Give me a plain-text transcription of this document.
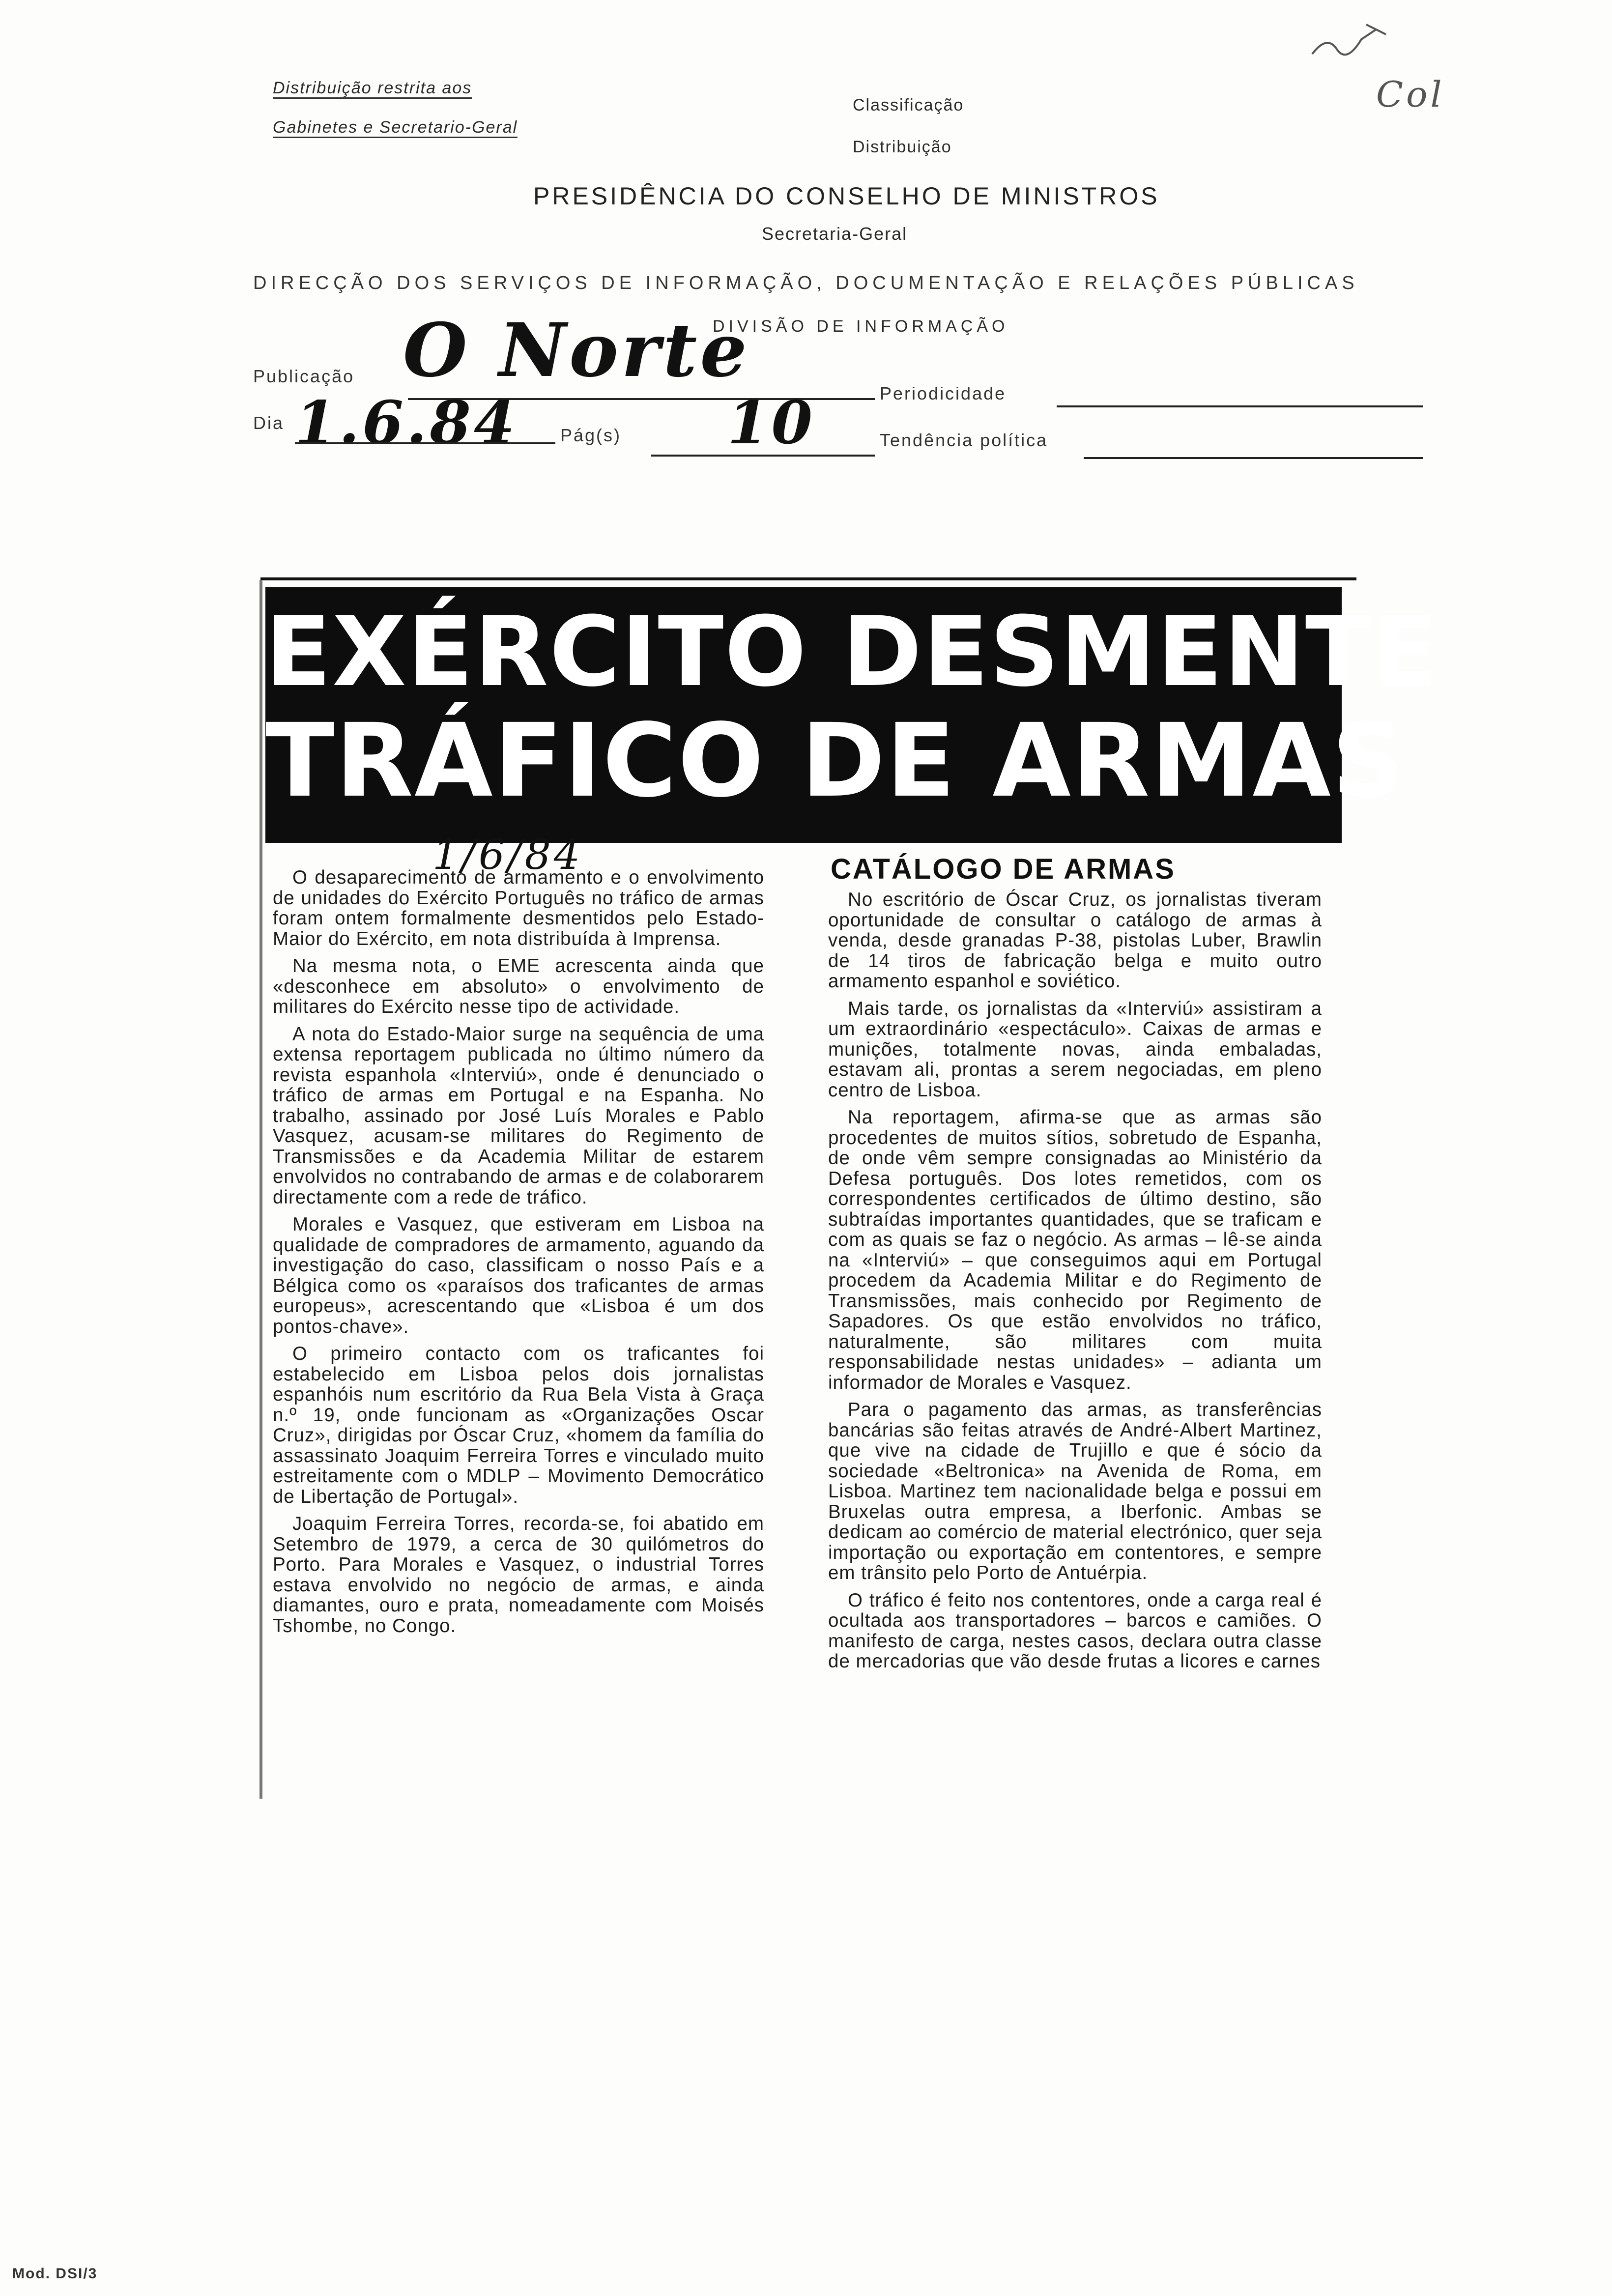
Distribuição restrita aos
Gabinetes e Secretario-Geral
Classificação
Distribuição
Col
PRESIDÊNCIA DO CONSELHO DE MINISTROS
Secretaria-Geral
DIRECÇÃO DOS SERVIÇOS DE INFORMAÇÃO, DOCUMENTAÇÃO E RELAÇÕES PÚBLICAS
DIVISÃO DE INFORMAÇÃO
Publicação O Norte
Dia 1.6.84 Pág(s) 10	Periodicidade
Tendência política
EXÉRCITO DESMENTE
TRÁFICO DE ARMAS
1/6/84

O desaparecimento de armamento e o envolvimento de unidades do Exército Português no tráfico de armas foram ontem formalmente desmentidos pelo Estado-Maior do Exército, em nota distribuída à Imprensa.

Na mesma nota, o EME acrescenta ainda que «desconhece em absoluto» o envolvimento de militares do Exército nesse tipo de actividade.

A nota do Estado-Maior surge na sequência de uma extensa reportagem publicada no último número da revista espanhola «Interviú», onde é denunciado o tráfico de armas em Portugal e na Espanha. No trabalho, assinado por José Luís Morales e Pablo Vasquez, acusam-se militares do Regimento de Transmissões e da Academia Militar de estarem envolvidos no contrabando de armas e de colaborarem directamente com a rede de tráfico.

Morales e Vasquez, que estiveram em Lisboa na qualidade de compradores de armamento, aguando da investigação do caso, classificam o nosso País e a Bélgica como os «paraísos dos traficantes de armas europeus», acrescentando que «Lisboa é um dos pontos-chave».

O primeiro contacto com os traficantes foi estabelecido em Lisboa pelos dois jornalistas espanhóis num escritório da Rua Bela Vista à Graça n.º 19, onde funcionam as «Organizações Oscar Cruz», dirigidas por Óscar Cruz, «homem da família do assassinato Joaquim Ferreira Torres e vinculado muito estreitamente com o MDLP – Movimento Democrático de Libertação de Portugal».

Joaquim Ferreira Torres, recorda-se, foi abatido em Setembro de 1979, a cerca de 30 quilómetros do Porto. Para Morales e Vasquez, o industrial Torres estava envolvido no negócio de armas, e ainda diamantes, ouro e prata, nomeadamente com Moisés Tshombe, no Congo.

CATÁLOGO DE ARMAS

No escritório de Óscar Cruz, os jornalistas tiveram oportunidade de consultar o catálogo de armas à venda, desde granadas P-38, pistolas Luber, Brawlin de 14 tiros de fabricação belga e muito outro armamento espanhol e soviético.

Mais tarde, os jornalistas da «Interviú» assistiram a um extraordinário «espectáculo». Caixas de armas e munições, totalmente novas, ainda embaladas, estavam ali, prontas a serem negociadas, em pleno centro de Lisboa.

Na reportagem, afirma-se que as armas são procedentes de muitos sítios, sobretudo de Espanha, de onde vêm sempre consignadas ao Ministério da Defesa português. Dos lotes remetidos, com os correspondentes certificados de último destino, são subtraídas importantes quantidades, que se traficam e com as quais se faz o negócio. As armas – lê-se ainda na «Interviú» – que conseguimos aqui em Portugal procedem da Academia Militar e do Regimento de Transmissões, mais conhecido por Regimento de Sapadores. Os que estão envolvidos no tráfico, naturalmente, são militares com muita responsabilidade nestas unidades» – adianta um informador de Morales e Vasquez.

Para o pagamento das armas, as transferências bancárias são feitas através de André-Albert Martinez, que vive na cidade de Trujillo e que é sócio da sociedade «Beltronica» na Avenida de Roma, em Lisboa. Martinez tem nacionalidade belga e possui em Bruxelas outra empresa, a Iberfonic. Ambas se dedicam ao comércio de material electrónico, quer seja importação ou exportação em contentores, e sempre em trânsito pelo Porto de Antuérpia.

O tráfico é feito nos contentores, onde a carga real é ocultada aos transportadores – barcos e camiões. O manifesto de carga, nestes casos, declara outra classe de mercadorias que vão desde frutas a licores e carnes

Mod. DSI/3
